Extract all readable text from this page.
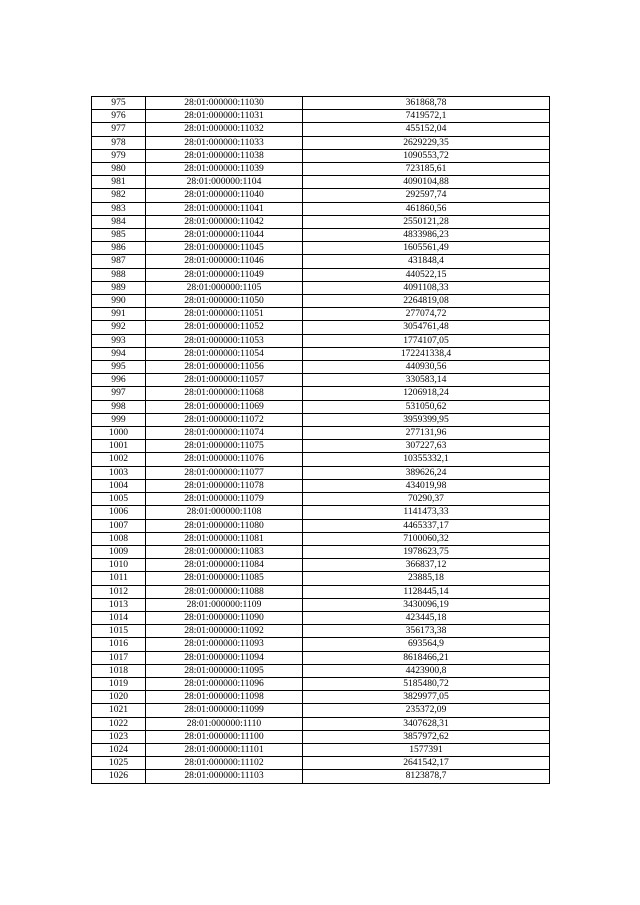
975	28:01:000000:11030	361868,78
976	28:01:000000:11031	7419572,1
977	28:01:000000:11032	455152,04
978	28:01:000000:11033	2629229,35
979	28:01:000000:11038	1090553,72
980	28:01:000000:11039	723185,61
981	28:01:000000:1104	4090104,88
982	28:01:000000:11040	292597,74
983	28:01:000000:11041	461860,56
984	28:01:000000:11042	2550121,28
985	28:01:000000:11044	4833986,23
986	28:01:000000:11045	1605561,49
987	28:01:000000:11046	431848,4
988	28:01:000000:11049	440522,15
989	28:01:000000:1105	4091108,33
990	28:01:000000:11050	2264819,08
991	28:01:000000:11051	277074,72
992	28:01:000000:11052	3054761,48
993	28:01:000000:11053	1774107,05
994	28:01:000000:11054	172241338,4
995	28:01:000000:11056	440930,56
996	28:01:000000:11057	330583,14
997	28:01:000000:11068	1206918,24
998	28:01:000000:11069	531050,62
999	28:01:000000:11072	3959399,95
1000	28:01:000000:11074	277131,96
1001	28:01:000000:11075	307227,63
1002	28:01:000000:11076	10355332,1
1003	28:01:000000:11077	389626,24
1004	28:01:000000:11078	434019,98
1005	28:01:000000:11079	70290,37
1006	28:01:000000:1108	1141473,33
1007	28:01:000000:11080	4465337,17
1008	28:01:000000:11081	7100060,32
1009	28:01:000000:11083	1978623,75
1010	28:01:000000:11084	366837,12
1011	28:01:000000:11085	23885,18
1012	28:01:000000:11088	1128445,14
1013	28:01:000000:1109	3430096,19
1014	28:01:000000:11090	423445,18
1015	28:01:000000:11092	356173,38
1016	28:01:000000:11093	693564,9
1017	28:01:000000:11094	8618466,21
1018	28:01:000000:11095	4423900,8
1019	28:01:000000:11096	5185480,72
1020	28:01:000000:11098	3829977,05
1021	28:01:000000:11099	235372,09
1022	28:01:000000:1110	3407628,31
1023	28:01:000000:11100	3857972,62
1024	28:01:000000:11101	1577391
1025	28:01:000000:11102	2641542,17
1026	28:01:000000:11103	8123878,7
